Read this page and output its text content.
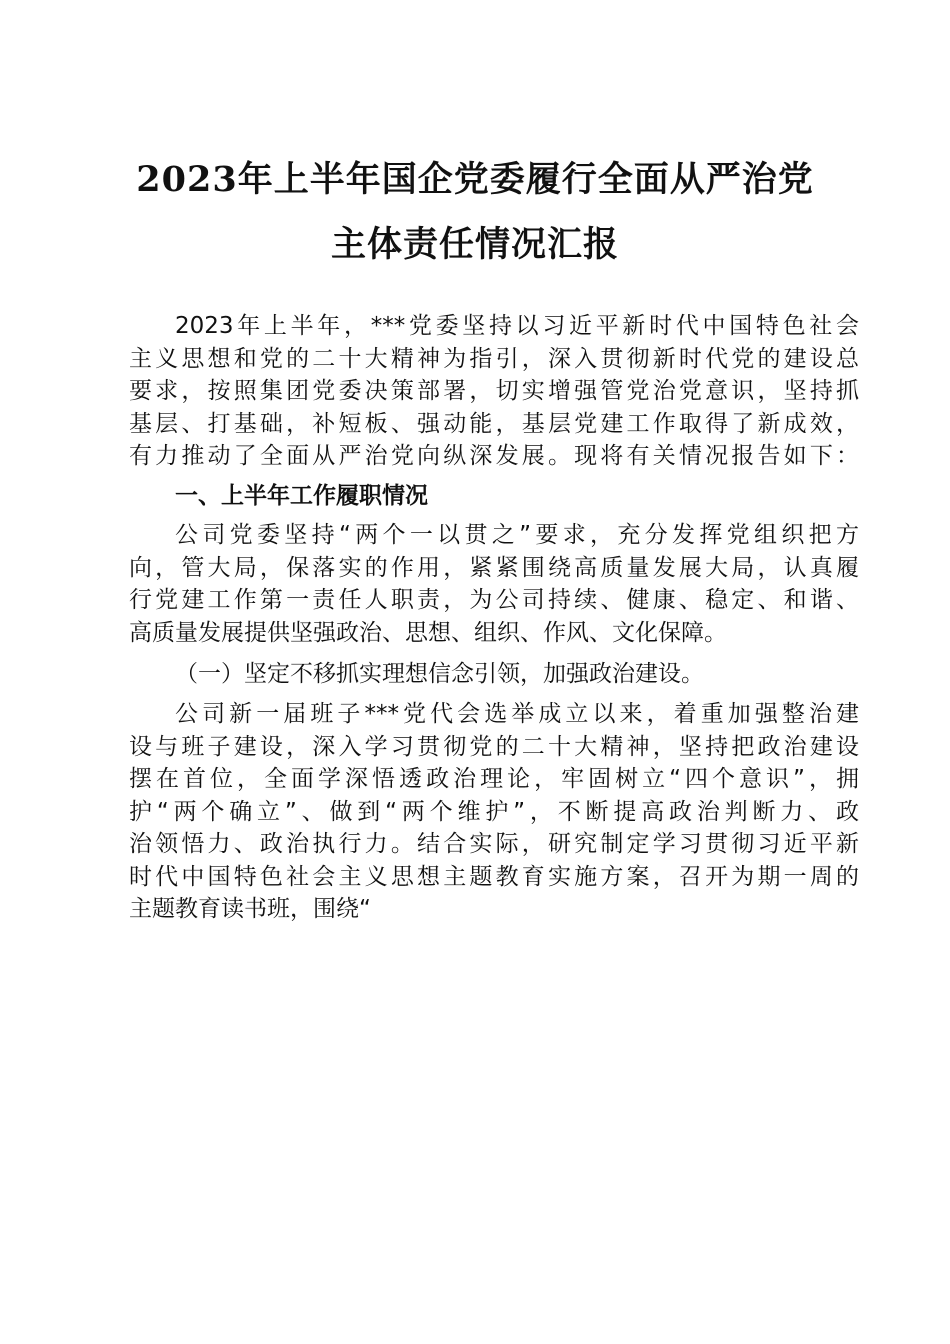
2023年上半年国企党委履行全面从严治党
主体责任情况汇报
2023年上半年，***党委坚持以习近平新时代中国特色社会
主义思想和党的二十大精神为指引，深入贯彻新时代党的建设总
要求，按照集团党委决策部署，切实增强管党治党意识，坚持抓
基层、打基础，补短板、强动能，基层党建工作取得了新成效，
有力推动了全面从严治党向纵深发展。现将有关情况报告如下：
一、上半年工作履职情况
公司党委坚持“两个一以贯之”要求，充分发挥党组织把方
向，管大局，保落实的作用，紧紧围绕高质量发展大局，认真履
行党建工作第一责任人职责，为公司持续、健康、稳定、和谐、
高质量发展提供坚强政治、思想、组织、作风、文化保障。
（一）坚定不移抓实理想信念引领，加强政治建设。
公司新一届班子***党代会选举成立以来，着重加强整治建
设与班子建设，深入学习贯彻党的二十大精神，坚持把政治建设
摆在首位，全面学深悟透政治理论，牢固树立“四个意识”，拥
护“两个确立”、做到“两个维护”，不断提高政治判断力、政
治领悟力、政治执行力。结合实际，研究制定学习贯彻习近平新
时代中国特色社会主义思想主题教育实施方案，召开为期一周的
主题教育读书班，围绕“
